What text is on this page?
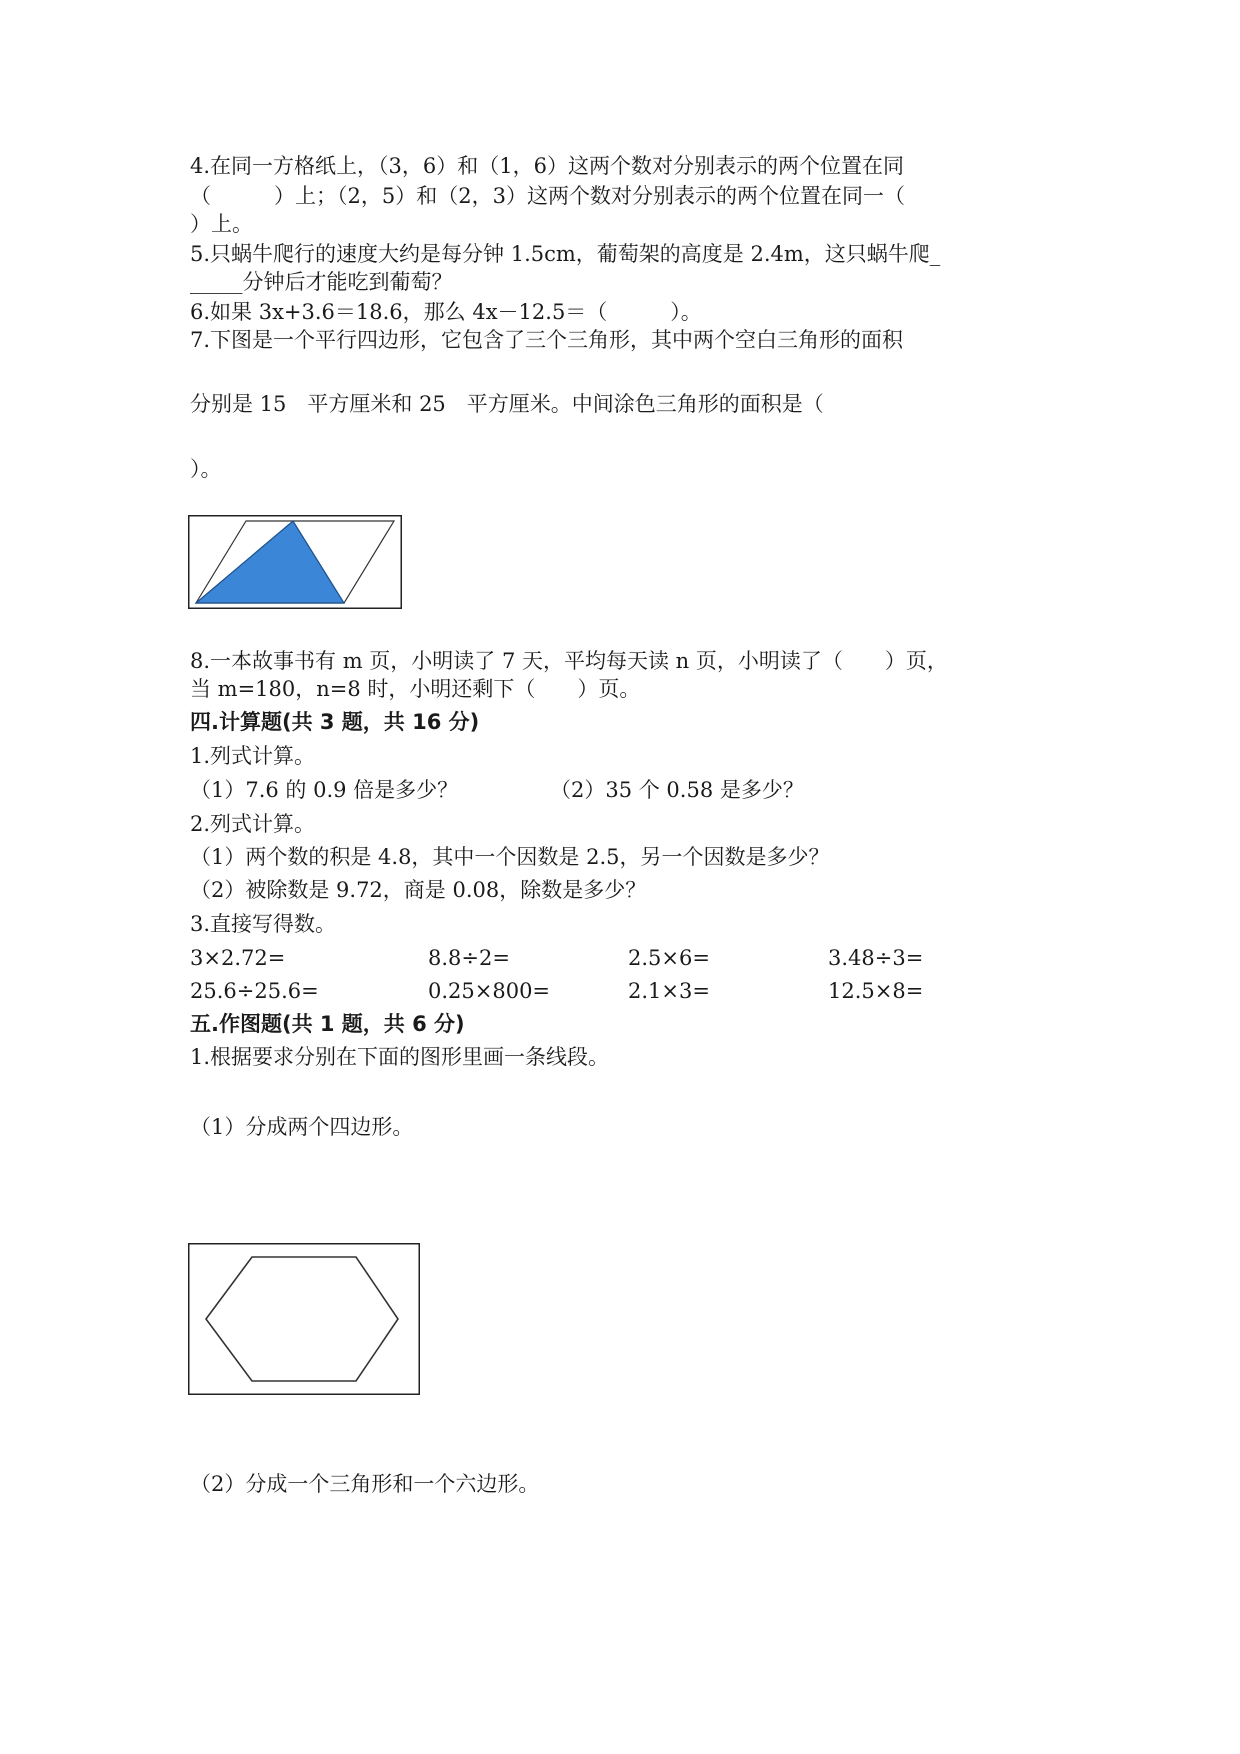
4.在同一方格纸上，（3，6）和（1，6）这两个数对分别表示的两个位置在同
（　　　）上；（2，5）和（2，3）这两个数对分别表示的两个位置在同一（
）上。
5.只蜗牛爬行的速度大约是每分钟 1.5cm，葡萄架的高度是 2.4m，这只蜗牛爬_
_____分钟后才能吃到葡萄？
6.如果 3x+3.6＝18.6，那么 4x－12.5＝（　　　）。
7.下图是一个平行四边形，它包含了三个三角形，其中两个空白三角形的面积
分别是 15　平方厘米和 25　平方厘米。中间涂色三角形的面积是（
）。
8.一本故事书有 m 页，小明读了 7 天，平均每天读 n 页，小明读了（　　）页，
当 m=180，n=8 时，小明还剩下（　　）页。
四.计算题(共 3 题，共 16 分)
1.列式计算。
（1）7.6 的 0.9 倍是多少？	（2）35 个 0.58 是多少？
2.列式计算。
（1）两个数的积是 4.8，其中一个因数是 2.5，另一个因数是多少？
（2）被除数是 9.72，商是 0.08，除数是多少？
3.直接写得数。
3×2.72=	8.8÷2=	2.5×6=	3.48÷3=
25.6÷25.6=	0.25×800=	2.1×3=	12.5×8=
五.作图题(共 1 题，共 6 分)
1.根据要求分别在下面的图形里画一条线段。
（1）分成两个四边形。
（2）分成一个三角形和一个六边形。
